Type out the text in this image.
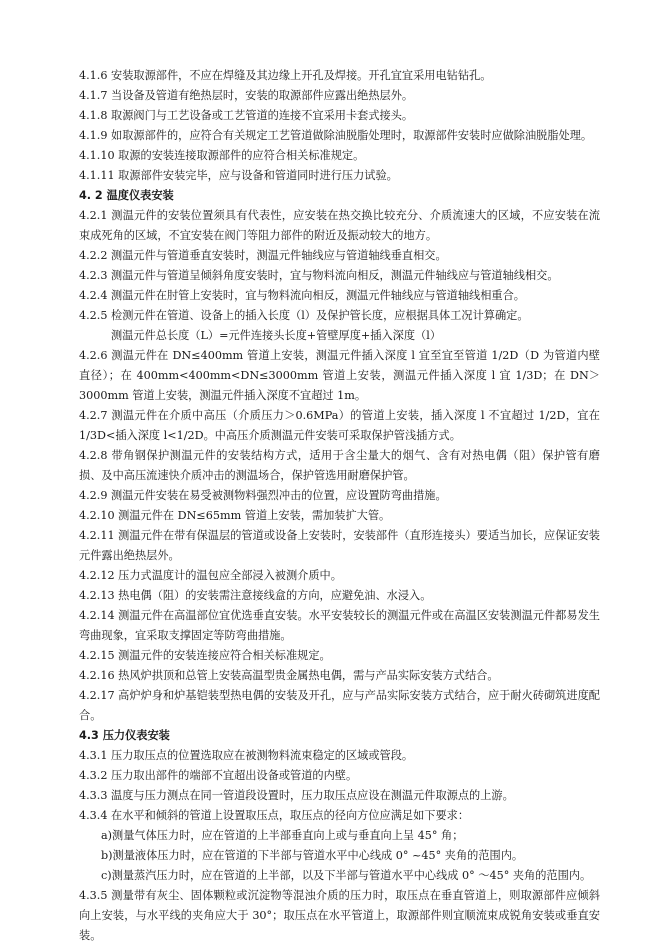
4.1.6 安装取源部件，不应在焊缝及其边缘上开孔及焊接。开孔宜宜采用电钻钻孔。

4.1.7 当设备及管道有绝热层时，安装的取源部件应露出绝热层外。

4.1.8 取源阀门与工艺设备或工艺管道的连接不宜采用卡套式接头。

4.1.9 如取源部件的，应符合有关规定工艺管道做除油脱脂处理时，取源部件安装时应做除油脱脂处理。

4.1.10 取源的安装连接取源部件的应符合相关标准规定。

4.1.11 取源部件安装完毕，应与设备和管道同时进行压力试验。

4. 2 温度仪表安装

4.2.1 测温元件的安装位置须具有代表性，应安装在热交换比较充分、介质流速大的区域，不应安装在流束成死角的区域，不宜安装在阀门等阻力部件的附近及振动较大的地方。

4.2.2 测温元件与管道垂直安装时，测温元件轴线应与管道轴线垂直相交。

4.2.3 测温元件与管道呈倾斜角度安装时，宜与物料流向相反，测温元件轴线应与管道轴线相交。

4.2.4 测温元件在肘管上安装时，宜与物料流向相反，测温元件轴线应与管道轴线相重合。

4.2.5 检测元件在管道、设备上的插入长度（l）及保护管长度，应根据具体工况计算确定。

测温元件总长度（L）=元件连接头长度+管壁厚度+插入深度（l）

4.2.6 测温元件在 DN≤400mm 管道上安装，测温元件插入深度 l 宜至宜至管道 1/2D（D 为管道内壁直径）；在 400mm<400mm<DN≤3000mm 管道上安装，测温元件插入深度 l 宜 1/3D；在 DN＞3000mm 管道上安装，测温元件插入深度不宜超过 1m。

4.2.7 测温元件在介质中高压（介质压力＞0.6MPa）的管道上安装，插入深度 l 不宜超过 1/2D，宜在 1/3D<插入深度 l<1/2D。中高压介质测温元件安装可采取保护管浅插方式。

4.2.8 带角钢保护测温元件的安装结构方式，适用于含尘量大的烟气、含有对热电偶（阻）保护管有磨损、及中高压流速快介质冲击的测温场合，保护管选用耐磨保护管。

4.2.9 测温元件安装在易受被测物料强烈冲击的位置，应设置防弯曲措施。

4.2.10 测温元件在 DN≤65mm 管道上安装，需加装扩大管。

4.2.11 测温元件在带有保温层的管道或设备上安装时，安装部件（直形连接头）要适当加长，应保证安装元件露出绝热层外。

4.2.12 压力式温度计的温包应全部浸入被测介质中。

4.2.13 热电偶（阻）的安装需注意接线盒的方向，应避免油、水浸入。

4.2.14 测温元件在高温部位宜优选垂直安装。水平安装较长的测温元件或在高温区安装测温元件都易发生弯曲现象，宜采取支撑固定等防弯曲措施。

4.2.15 测温元件的安装连接应符合相关标准规定。

4.2.16 热风炉拱顶和总管上安装高温型贵金属热电偶，需与产品实际安装方式结合。

4.2.17 高炉炉身和炉基铠装型热电偶的安装及开孔，应与产品实际安装方式结合，应于耐火砖砌筑进度配合。

4.3 压力仪表安装

4.3.1 压力取压点的位置选取应在被测物料流束稳定的区域或管段。

4.3.2 压力取出部件的端部不宜超出设备或管道的内壁。

4.3.3 温度与压力测点在同一管道段设置时，压力取压点应设在测温元件取源点的上游。

4.3.4 在水平和倾斜的管道上设置取压点，取压点的径向方位应满足如下要求：

a)测量气体压力时，应在管道的上半部垂直向上或与垂直向上呈 45° 角；

b)测量液体压力时，应在管道的下半部与管道水平中心线成 0° ~45° 夹角的范围内。

c)测量蒸汽压力时，应在管道的上半部，以及下半部与管道水平中心线成 0° ～45° 夹角的范围内。

4.3.5 测量带有灰尘、固体颗粒或沉淀物等混浊介质的压力时，取压点在垂直管道上，则取源部件应倾斜向上安装，与水平线的夹角应大于 30°；取压点在水平管道上，取源部件则宜顺流束成锐角安装或垂直安装。
